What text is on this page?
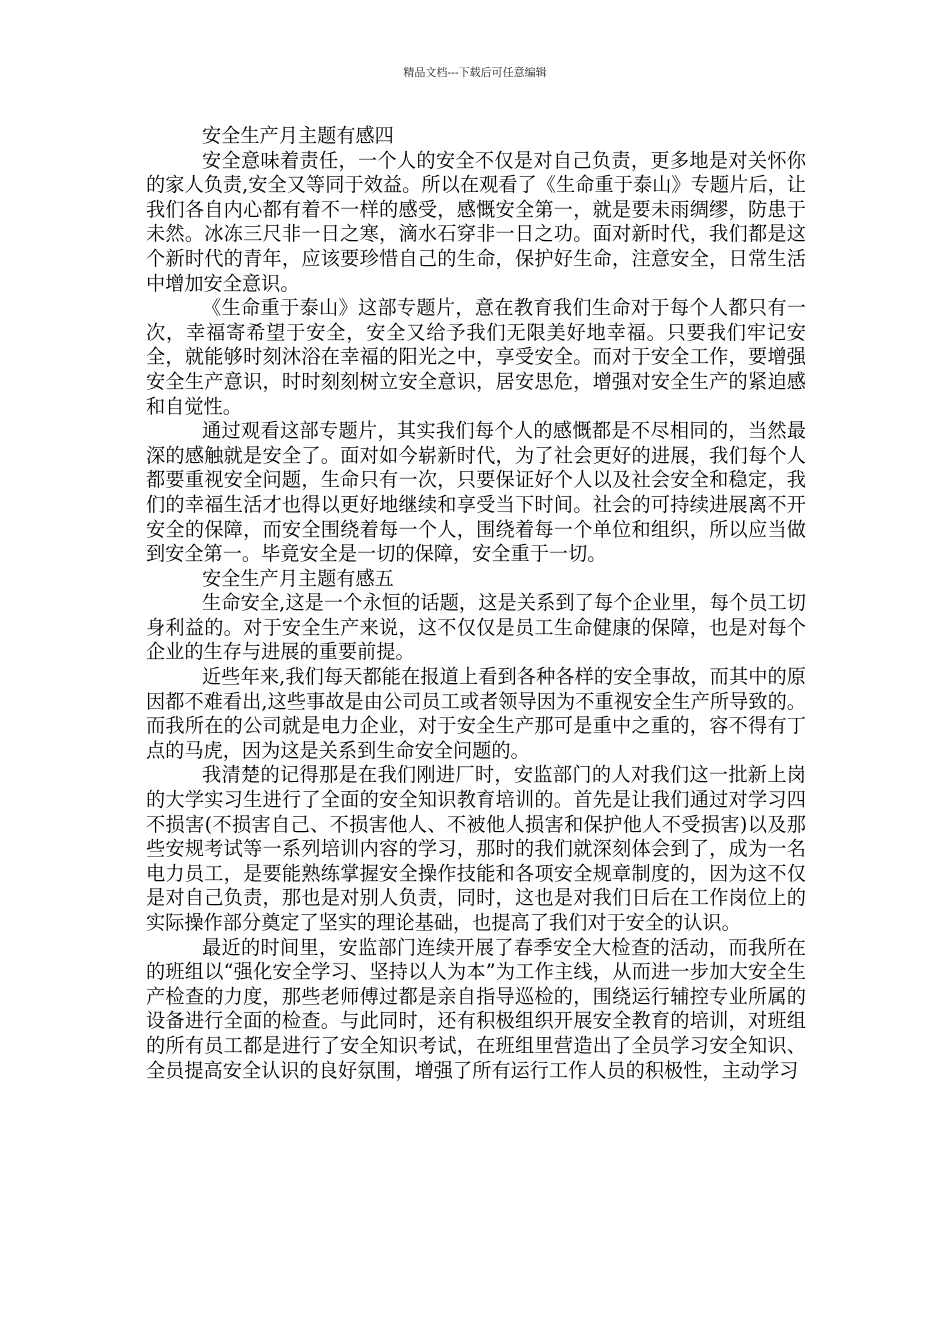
精品文档---下载后可任意编辑

安全生产月主题有感四

安全意味着责任，一个人的安全不仅是对自己负责，更多地是对关怀你的家人负责,安全又等同于效益。所以在观看了《生命重于泰山》专题片后，让我们各自内心都有着不一样的感受，感慨安全第一，就是要未雨绸缪，防患于未然。冰冻三尺非一日之寒，滴水石穿非一日之功。面对新时代，我们都是这个新时代的青年，应该要珍惜自己的生命，保护好生命，注意安全，日常生活中增加安全意识。

《生命重于泰山》这部专题片，意在教育我们生命对于每个人都只有一次，幸福寄希望于安全，安全又给予我们无限美好地幸福。只要我们牢记安全，就能够时刻沐浴在幸福的阳光之中，享受安全。而对于安全工作，要增强安全生产意识，时时刻刻树立安全意识，居安思危，增强对安全生产的紧迫感和自觉性。

通过观看这部专题片，其实我们每个人的感慨都是不尽相同的，当然最深的感触就是安全了。面对如今崭新时代，为了社会更好的进展，我们每个人都要重视安全问题，生命只有一次，只要保证好个人以及社会安全和稳定，我们的幸福生活才也得以更好地继续和享受当下时间。社会的可持续进展离不开安全的保障，而安全围绕着每一个人，围绕着每一个单位和组织，所以应当做到安全第一。毕竟安全是一切的保障，安全重于一切。

安全生产月主题有感五

生命安全,这是一个永恒的话题，这是关系到了每个企业里，每个员工切身利益的。对于安全生产来说，这不仅仅是员工生命健康的保障，也是对每个企业的生存与进展的重要前提。

近些年来,我们每天都能在报道上看到各种各样的安全事故，而其中的原因都不难看出,这些事故是由公司员工或者领导因为不重视安全生产所导致的。而我所在的公司就是电力企业，对于安全生产那可是重中之重的，容不得有丁点的马虎，因为这是关系到生命安全问题的。

我清楚的记得那是在我们刚进厂时，安监部门的人对我们这一批新上岗的大学实习生进行了全面的安全知识教育培训的。首先是让我们通过对学习四不损害(不损害自己、不损害他人、不被他人损害和保护他人不受损害)以及那些安规考试等一系列培训内容的学习，那时的我们就深刻体会到了，成为一名电力员工，是要能熟练掌握安全操作技能和各项安全规章制度的，因为这不仅是对自己负责，那也是对别人负责，同时，这也是对我们日后在工作岗位上的实际操作部分奠定了坚实的理论基础，也提高了我们对于安全的认识。

最近的时间里，安监部门连续开展了春季安全大检查的活动，而我所在的班组以“强化安全学习、坚持以人为本”为工作主线，从而进一步加大安全生产检查的力度，那些老师傅过都是亲自指导巡检的，围绕运行辅控专业所属的设备进行全面的检查。与此同时，还有积极组织开展安全教育的培训，对班组的所有员工都是进行了安全知识考试，在班组里营造出了全员学习安全知识、全员提高安全认识的良好氛围，增强了所有运行工作人员的积极性，主动学习
